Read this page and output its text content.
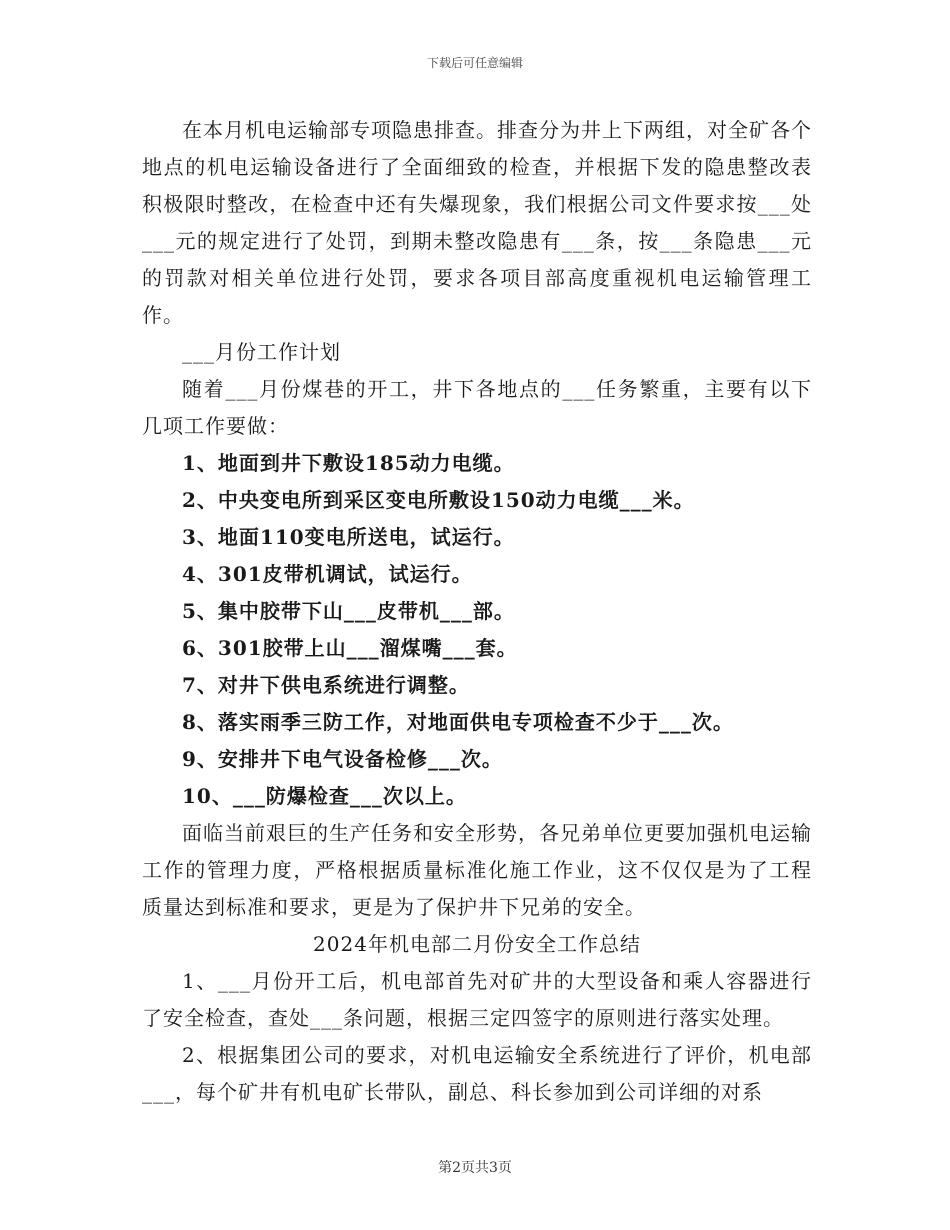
下载后可任意编辑

在本月机电运输部专项隐患排查。排查分为井上下两组，对全矿各个地点的机电运输设备进行了全面细致的检查，并根据下发的隐患整改表积极限时整改，在检查中还有失爆现象，我们根据公司文件要求按___处___元的规定进行了处罚，到期未整改隐患有___条，按___条隐患___元的罚款对相关单位进行处罚，要求各项目部高度重视机电运输管理工作。

___月份工作计划

随着___月份煤巷的开工，井下各地点的___任务繁重，主要有以下几项工作要做：

1、地面到井下敷设185动力电缆。

2、中央变电所到采区变电所敷设150动力电缆___米。

3、地面110变电所送电，试运行。

4、301皮带机调试，试运行。

5、集中胶带下山___皮带机___部。

6、301胶带上山___溜煤嘴___套。

7、对井下供电系统进行调整。

8、落实雨季三防工作，对地面供电专项检查不少于___次。

9、安排井下电气设备检修___次。

10、___防爆检查___次以上。

面临当前艰巨的生产任务和安全形势，各兄弟单位更要加强机电运输工作的管理力度，严格根据质量标准化施工作业，这不仅仅是为了工程质量达到标准和要求，更是为了保护井下兄弟的安全。

2024年机电部二月份安全工作总结

1、___月份开工后，机电部首先对矿井的大型设备和乘人容器进行了安全检查，查处___条问题，根据三定四签字的原则进行落实处理。

2、根据集团公司的要求，对机电运输安全系统进行了评价，机电部___，每个矿井有机电矿长带队，副总、科长参加到公司详细的对系

第2页共3页
